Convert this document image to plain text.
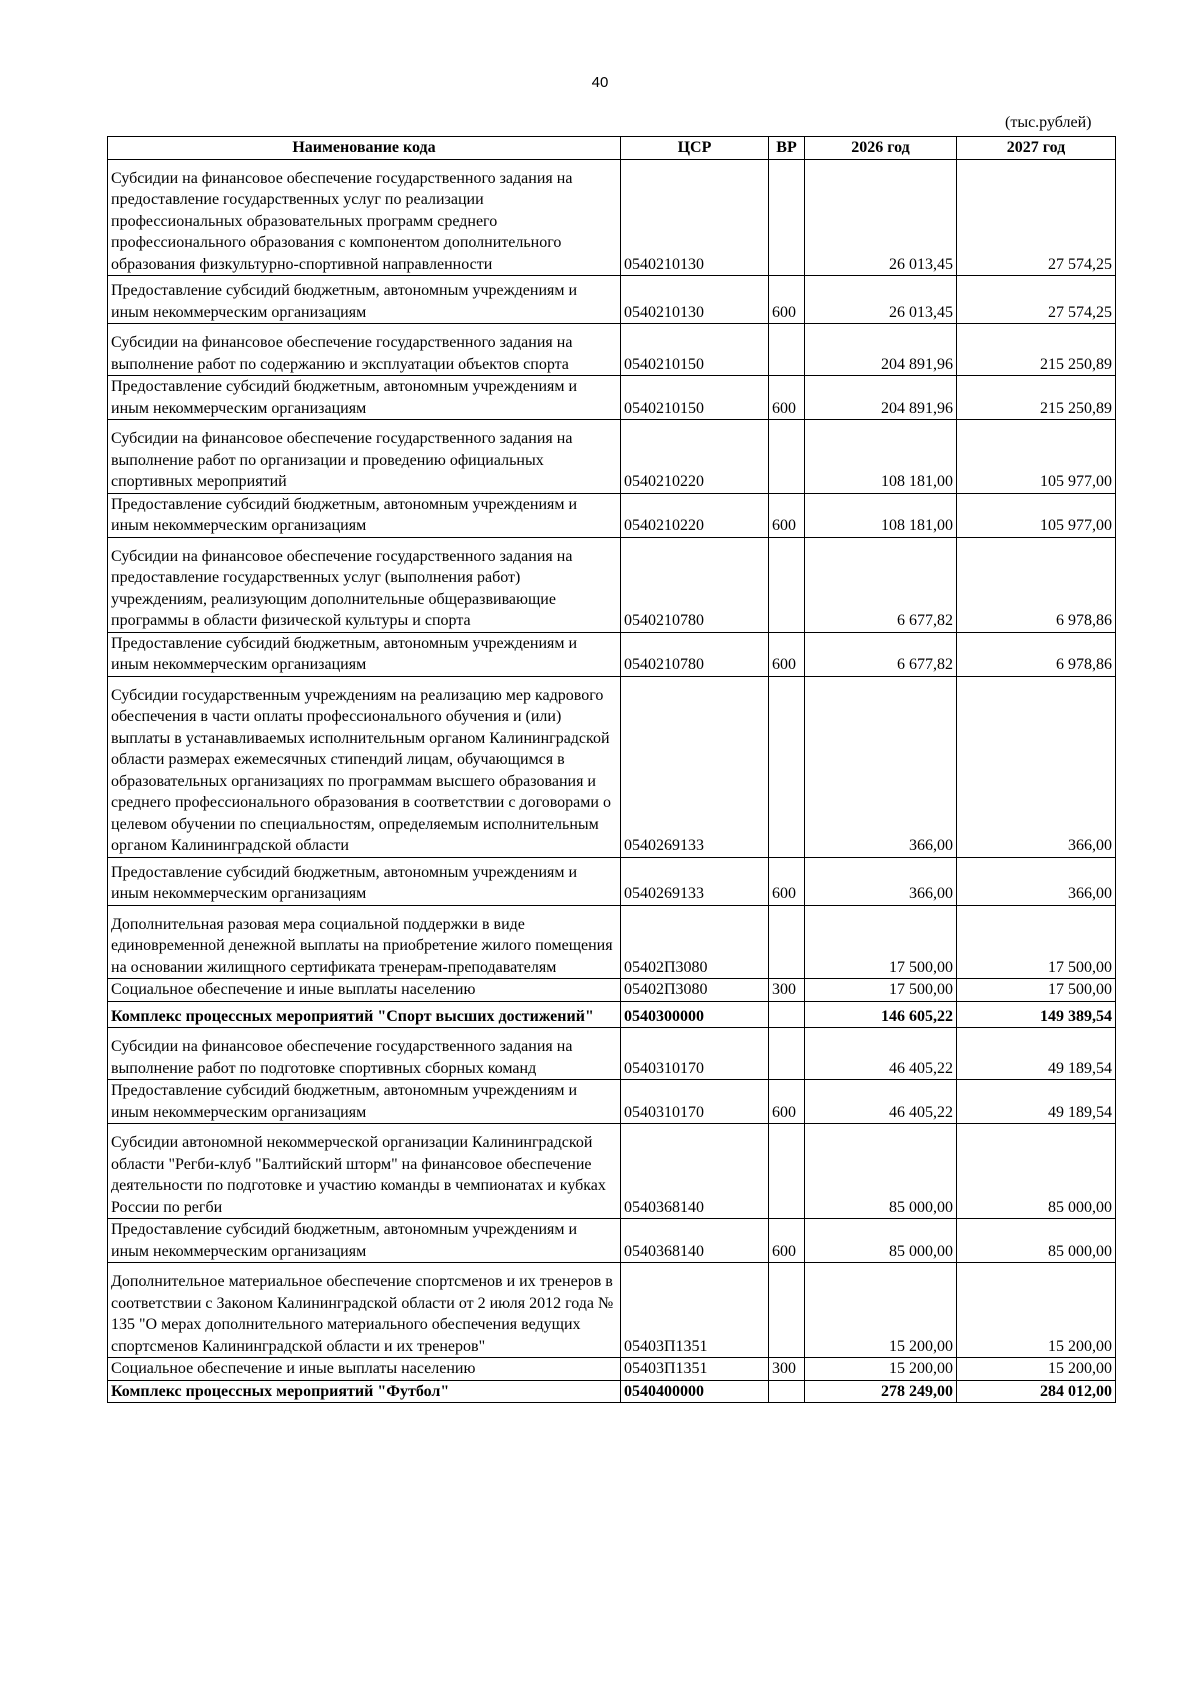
40
(тыс.рублей)
Наименование кода	ЦСР	ВР	2026 год	2027 год
Субсидии на финансовое обеспечение государственного задания на предоставление государственных услуг по реализации профессиональных образовательных программ среднего профессионального образования с компонентом дополнительного образования физкультурно-спортивной направленности	0540210130		26 013,45	27 574,25
Предоставление субсидий бюджетным, автономным учреждениям и иным некоммерческим организациям	0540210130	600	26 013,45	27 574,25
Субсидии на финансовое обеспечение государственного задания на выполнение работ по содержанию и эксплуатации объектов спорта	0540210150		204 891,96	215 250,89
Предоставление субсидий бюджетным, автономным учреждениям и иным некоммерческим организациям	0540210150	600	204 891,96	215 250,89
Субсидии на финансовое обеспечение государственного задания на выполнение работ по организации и проведению официальных спортивных мероприятий	0540210220		108 181,00	105 977,00
Предоставление субсидий бюджетным, автономным учреждениям и иным некоммерческим организациям	0540210220	600	108 181,00	105 977,00
Субсидии на финансовое обеспечение государственного задания на предоставление государственных услуг (выполнения работ) учреждениям, реализующим дополнительные общеразвивающие программы в области физической культуры и спорта	0540210780		6 677,82	6 978,86
Предоставление субсидий бюджетным, автономным учреждениям и иным некоммерческим организациям	0540210780	600	6 677,82	6 978,86
Субсидии государственным учреждениям на реализацию мер кадрового обеспечения в части оплаты профессионального обучения и (или) выплаты в устанавливаемых исполнительным органом Калининградской области размерах ежемесячных стипендий лицам, обучающимся в образовательных организациях по программам высшего образования и среднего профессионального образования в соответствии с договорами о целевом обучении по специальностям, определяемым исполнительным органом Калининградской области	0540269133		366,00	366,00
Предоставление субсидий бюджетным, автономным учреждениям и иным некоммерческим организациям	0540269133	600	366,00	366,00
Дополнительная разовая мера социальной поддержки в виде единовременной денежной выплаты на приобретение жилого помещения на основании жилищного сертификата тренерам-преподавателям	05402П3080		17 500,00	17 500,00
Социальное обеспечение и иные выплаты населению	05402П3080	300	17 500,00	17 500,00
Комплекс процессных мероприятий "Спорт высших достижений"	0540300000		146 605,22	149 389,54
Субсидии на финансовое обеспечение государственного задания на выполнение работ по подготовке спортивных сборных команд	0540310170		46 405,22	49 189,54
Предоставление субсидий бюджетным, автономным учреждениям и иным некоммерческим организациям	0540310170	600	46 405,22	49 189,54
Субсидии автономной некоммерческой организации Калининградской области "Регби-клуб "Балтийский шторм" на финансовое обеспечение деятельности по подготовке и участию команды в чемпионатах и кубках России по регби	0540368140		85 000,00	85 000,00
Предоставление субсидий бюджетным, автономным учреждениям и иным некоммерческим организациям	0540368140	600	85 000,00	85 000,00
Дополнительное материальное обеспечение спортсменов и их тренеров в соответствии с Законом Калининградской области от 2 июля 2012 года № 135 "О мерах дополнительного материального обеспечения ведущих спортсменов Калининградской области и их тренеров"	05403П1351		15 200,00	15 200,00
Социальное обеспечение и иные выплаты населению	05403П1351	300	15 200,00	15 200,00
Комплекс процессных мероприятий "Футбол"	0540400000		278 249,00	284 012,00
